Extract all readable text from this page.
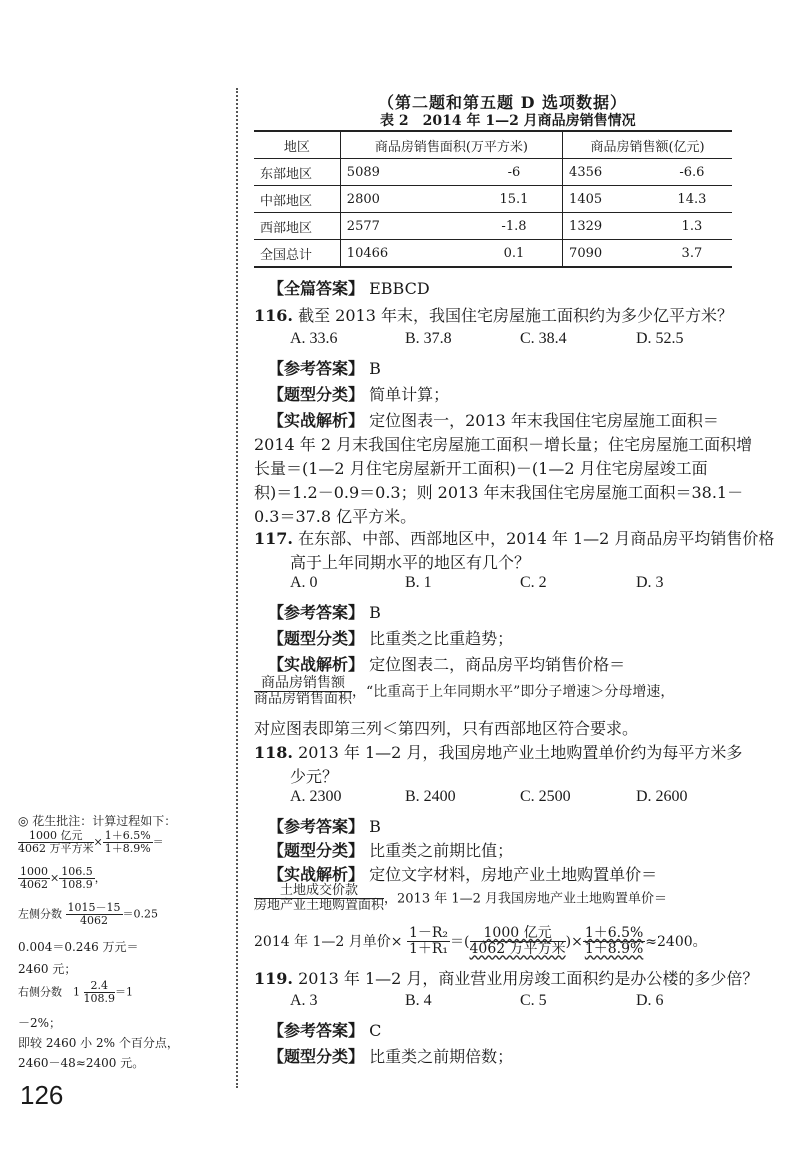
（第二题和第五题 D 选项数据）
表 2　2014 年 1—2 月商品房销售情况
地区	商品房销售面积(万平方米)		商品房销售额(亿元)	
东部地区	5089	-6	4356	-6.6
中部地区	2800	15.1	1405	14.3
西部地区	2577	-1.8	1329	1.3
全国总计	10466	0.1	7090	3.7
【全篇答案】 EBBCD
116. 截至 2013 年末，我国住宅房屋施工面积约为多少亿平方米？
A. 33.6	B. 37.8	C. 38.4	D. 52.5
【参考答案】 B
【题型分类】 简单计算；
【实战解析】 定位图表一，2013 年末我国住宅房屋施工面积＝
2014 年 2 月末我国住宅房屋施工面积－增长量；住宅房屋施工面积增
长量＝(1—2 月住宅房屋新开工面积)－(1—2 月住宅房屋竣工面
积)＝1.2－0.9＝0.3；则 2013 年末我国住宅房屋施工面积＝38.1－
0.3＝37.8 亿平方米。
117. 在东部、中部、西部地区中，2014 年 1—2 月商品房平均销售价格
高于上年同期水平的地区有几个？
A. 0	B. 1	C. 2	D. 3
【参考答案】 B
【题型分类】 比重类之比重趋势；
【实战解析】 定位图表二，商品房平均销售价格＝
$\frac{\text{商品房销售额}}{\text{商品房销售面积}}$ ，“比重高于上年同期水平”即分子增速＞分母增速，
对应图表即第三列＜第四列，只有西部地区符合要求。
118. 2013 年 1—2 月，我国房地产业土地购置单价约为每平方米多
少元？
A. 2300	B. 2400	C. 2500	D. 2600
【参考答案】 B
【题型分类】 比重类之前期比值；
【实战解析】 定位文字材料，房地产业土地购置单价＝
$\frac{\text{土地成交价款}}{\text{房地产业土地购置面积}}$ ，2013 年 1—2 月我国房地产业土地购置单价＝
2014 年 1—2 月单价× $\frac{\text{1－R₂}}{\text{1＋R₁}}$ ＝( $\frac{\text{1000 亿元}}{\text{4062 万平方米}}$ )× $\frac{1+6.5\%}{1+8.9\%} \approx 2400$。
119. 2013 年 1—2 月，商业营业用房竣工面积约是办公楼的多少倍？
A. 3	B. 4	C. 5	D. 6
【参考答案】 C
【题型分类】 比重类之前期倍数；
◎ 花生批注：计算过程如下：
$\frac{\text{1000 亿元}}{\text{4062 万平方米}} \times \frac{1+6.5\%}{1+8.9\%}$ ＝
$\frac{1000}{4062} \times \frac{106.5}{108.9}$ ，
左侧分数 $\frac{1015-15}{4062} =0.25$
0.004＝0.246 万元＝
2460 元；
右侧分数　$1 \frac{2.4}{108.9} =1$
－2%；
即较 2460 小 2% 个百分点，
2460－48≈2400 元。
126
